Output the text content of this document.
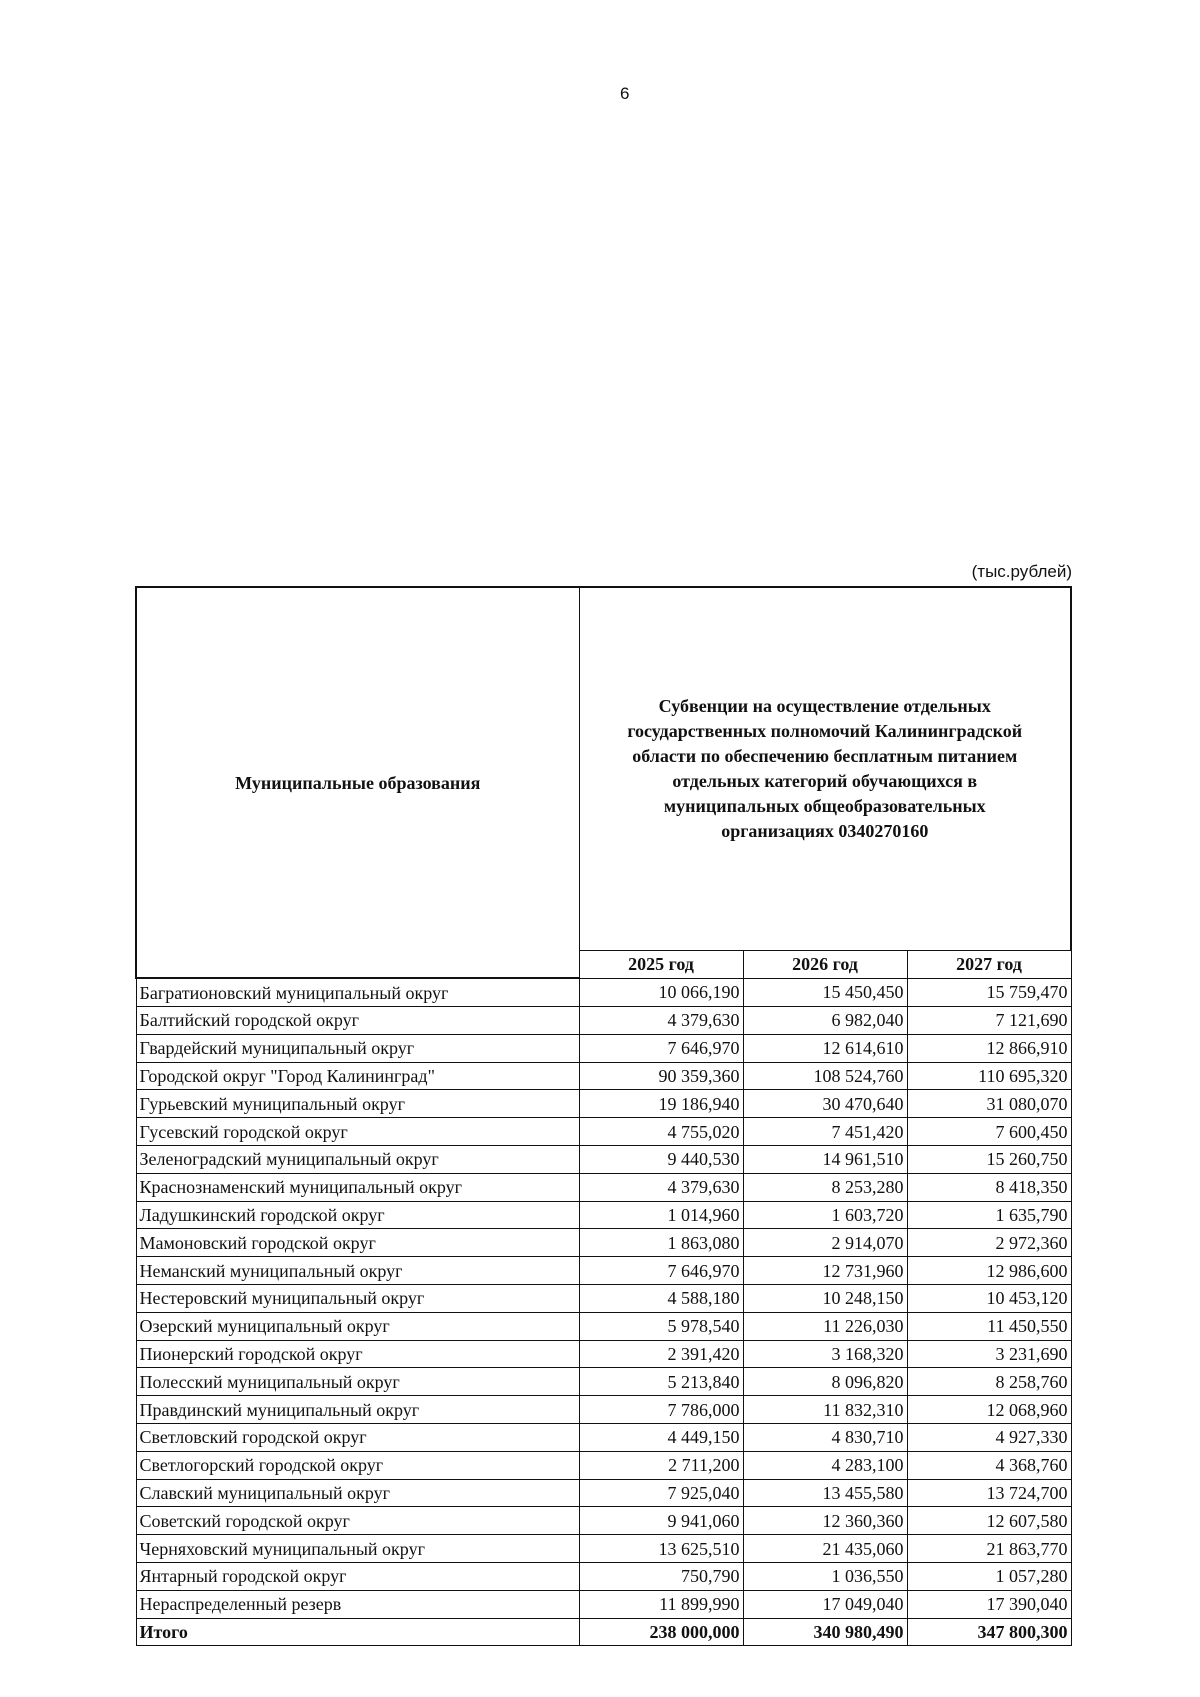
6
(тыс.рублей)
Муниципальные образования	Субвенции на осуществление отдельных государственных полномочий Калининградской области по обеспечению бесплатным питанием отдельных категорий обучающихся в муниципальных общеобразовательных организациях 0340270160		
	2025 год	2026 год	2027 год
Багратионовский муниципальный округ	10 066,190	15 450,450	15 759,470
Балтийский городской округ	4 379,630	6 982,040	7 121,690
Гвардейский муниципальный округ	7 646,970	12 614,610	12 866,910
Городской округ "Город Калининград"	90 359,360	108 524,760	110 695,320
Гурьевский муниципальный округ	19 186,940	30 470,640	31 080,070
Гусевский городской округ	4 755,020	7 451,420	7 600,450
Зеленоградский муниципальный округ	9 440,530	14 961,510	15 260,750
Краснознаменский муниципальный округ	4 379,630	8 253,280	8 418,350
Ладушкинский городской округ	1 014,960	1 603,720	1 635,790
Мамоновский городской округ	1 863,080	2 914,070	2 972,360
Неманский муниципальный округ	7 646,970	12 731,960	12 986,600
Нестеровский муниципальный округ	4 588,180	10 248,150	10 453,120
Озерский муниципальный округ	5 978,540	11 226,030	11 450,550
Пионерский городской округ	2 391,420	3 168,320	3 231,690
Полесский муниципальный округ	5 213,840	8 096,820	8 258,760
Правдинский муниципальный округ	7 786,000	11 832,310	12 068,960
Светловский городской округ	4 449,150	4 830,710	4 927,330
Светлогорский городской округ	2 711,200	4 283,100	4 368,760
Славский муниципальный округ	7 925,040	13 455,580	13 724,700
Советский городской округ	9 941,060	12 360,360	12 607,580
Черняховский муниципальный округ	13 625,510	21 435,060	21 863,770
Янтарный городской округ	750,790	1 036,550	1 057,280
Нераспределенный резерв	11 899,990	17 049,040	17 390,040
Итого	238 000,000	340 980,490	347 800,300
